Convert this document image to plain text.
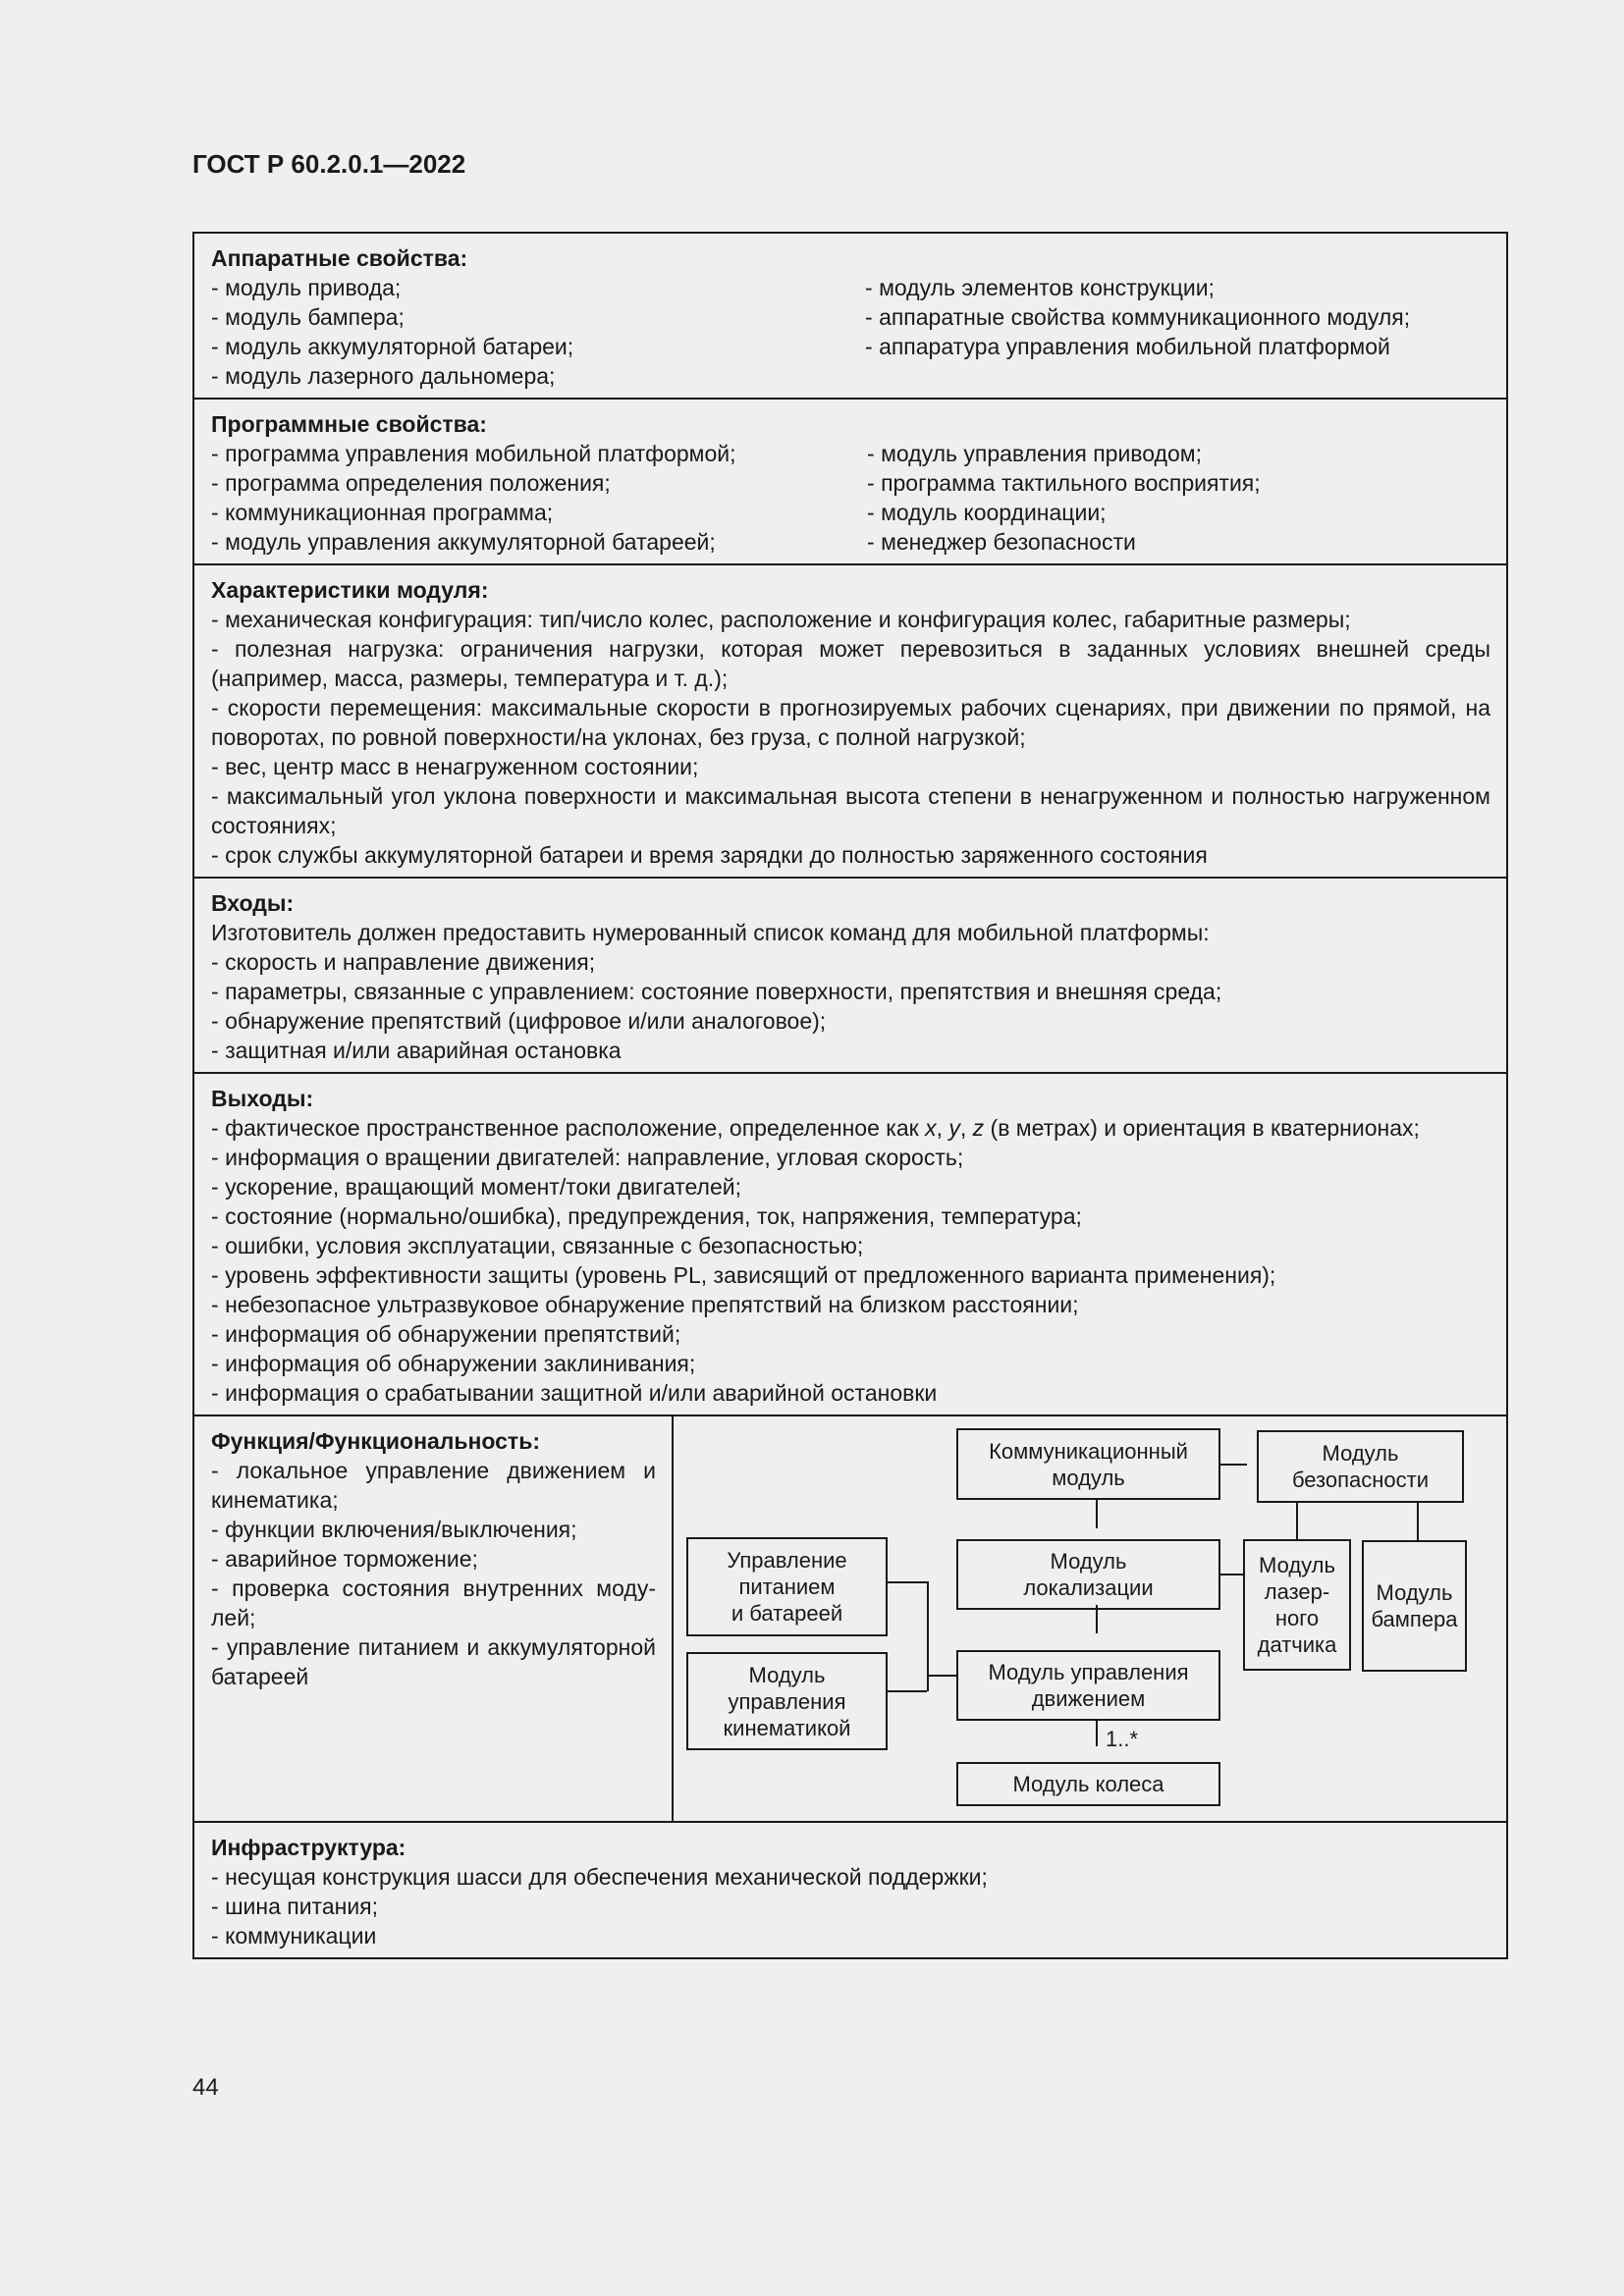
ГОСТ Р 60.2.0.1—2022
Аппаратные свойства:
- модуль привода;
- модуль бампера;
- модуль аккумуляторной батареи;
- модуль лазерного дальномера;
- модуль элементов конструкции;
- аппаратные свойства коммуникационного модуля;
- аппаратура управления мобильной платформой
Программные свойства:
- программа управления мобильной платформой;
- программа определения положения;
- коммуникационная программа;
- модуль управления аккумуляторной батареей;
- модуль управления приводом;
- программа тактильного восприятия;
- модуль координации;
- менеджер безопасности
Характеристики модуля:
- механическая конфигурация: тип/число колес, расположение и конфигурация колес, габаритные размеры;
- полезная нагрузка: ограничения нагрузки, которая может перевозиться в заданных условиях внешней среды (например, масса, размеры, температура и т. д.);
- скорости перемещения: максимальные скорости в прогнозируемых рабочих сценариях, при движении по прямой, на поворотах, по ровной поверхности/на уклонах, без груза, с полной нагрузкой;
- вес, центр масс в ненагруженном состоянии;
- максимальный угол уклона поверхности и максимальная высота степени в ненагруженном и полностью нагруженном состояниях;
- срок службы аккумуляторной батареи и время зарядки до полностью заряженного состояния
Входы:
Изготовитель должен предоставить нумерованный список команд для мобильной платформы:
- скорость и направление движения;
- параметры, связанные с управлением: состояние поверхности, препятствия и внешняя среда;
- обнаружение препятствий (цифровое и/или аналоговое);
- защитная и/или аварийная остановка
Выходы:
- фактическое пространственное расположение, определенное как x, y, z (в метрах) и ориентация в кватернионах;
- информация о вращении двигателей: направление, угловая скорость;
- ускорение, вращающий момент/токи двигателей;
- состояние (нормально/ошибка), предупреждения, ток, напряжения, температура;
- ошибки, условия эксплуатации, связанные с безопасностью;
- уровень эффективности защиты (уровень PL, зависящий от предложенного варианта применения);
- небезопасное ультразвуковое обнаружение препятствий на близком расстоянии;
- информация об обнаружении препятствий;
- информация об обнаружении заклинивания;
- информация о срабатывании защитной и/или аварийной остановки
Функция/Функциональность:
- локальное управление движением и кинематика;
- функции включения/выключения;
- аварийное торможение;
- проверка состояния внутренних модулей;
- управление питанием и аккумуляторной батареей
Коммуникационный
модуль
Модуль
безопасности
Управление
питанием
и батареей
Модуль
локализации
Модуль
лазер-
ного
датчика
Модуль
бампера
Модуль
управления
кинематикой
Модуль управления
движением
Модуль колеса
1..*
Инфраструктура:
- несущая конструкция шасси для обеспечения механической поддержки;
- шина питания;
- коммуникации
44
